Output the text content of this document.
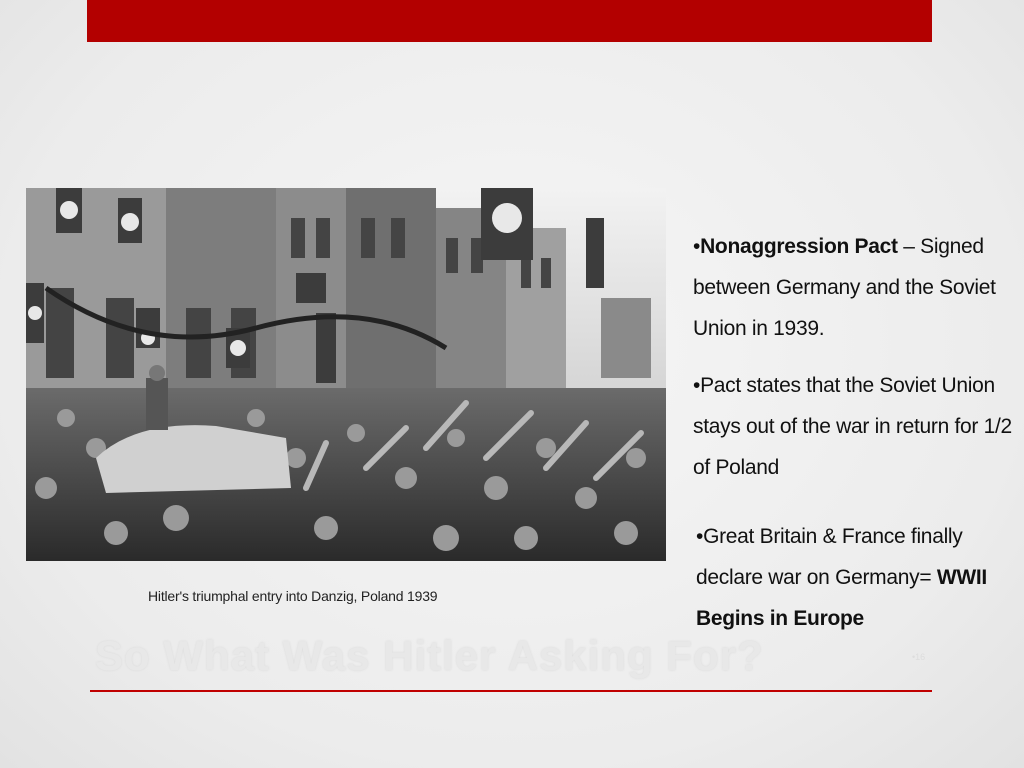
Hitler's triumphal entry into Danzig, Poland 1939

•Nonaggression Pact – Signed between Germany and the Soviet Union in 1939.

•Pact states that the Soviet Union stays out of the war in return for 1/2 of Poland

•Great Britain & France finally declare war on Germany= WWII Begins in Europe

So What Was Hitler Asking For?	•16
